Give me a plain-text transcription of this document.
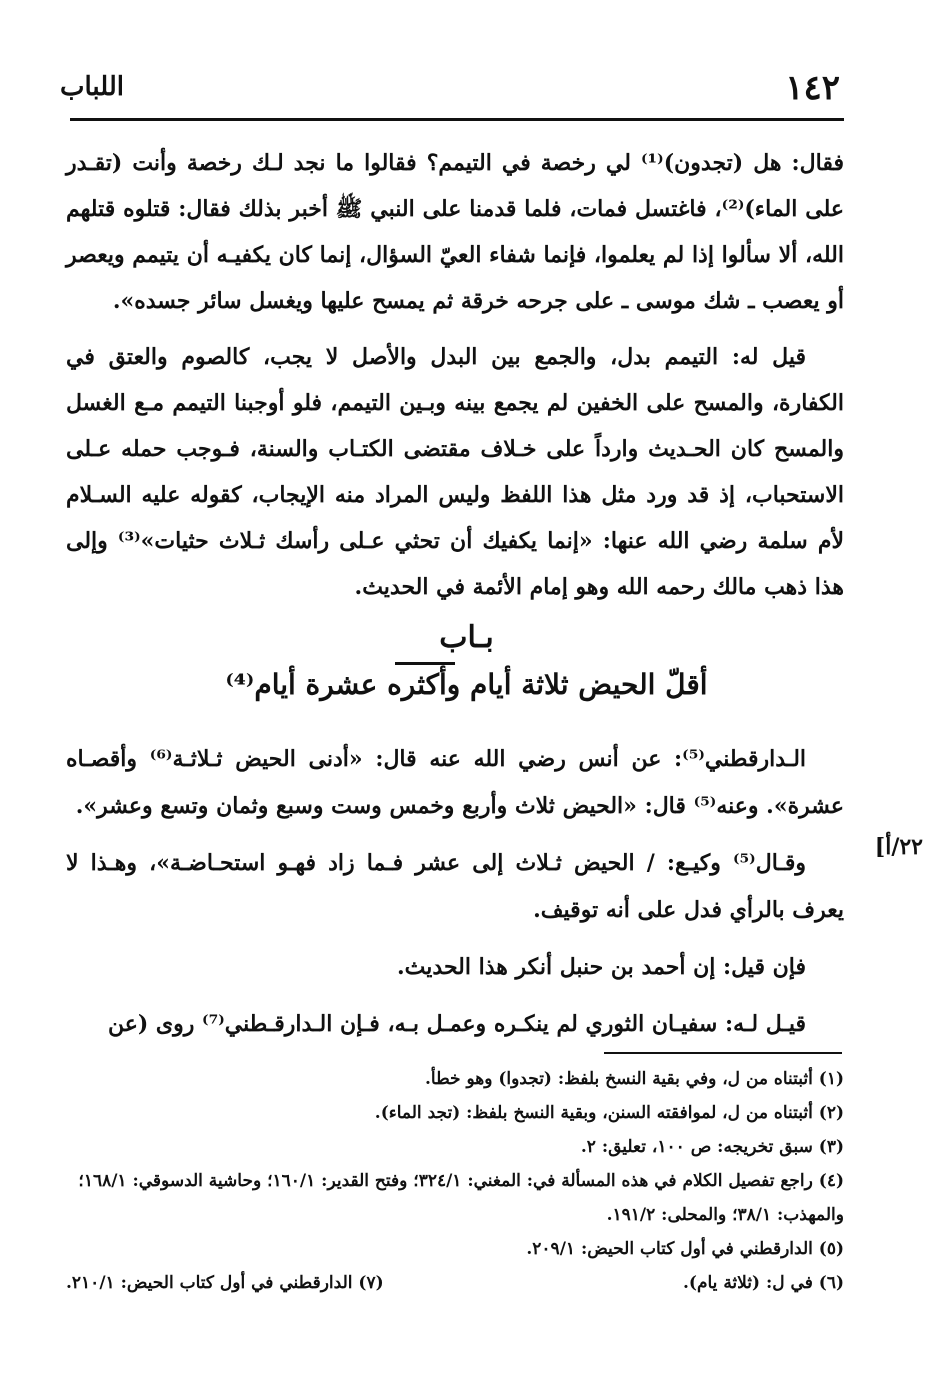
١٤٢
اللباب

فقال: هل (تجدون)⁽¹⁾ لي رخصة في التيمم؟ فقالوا ما نجد لـك رخصة وأنت (تقـدر على الماء)⁽²⁾، فاغتسل فمات، فلما قدمنا على النبي ﷺ أخبر بذلك فقال: قتلوه قتلهم الله، ألا سألوا إذا لم يعلموا، فإنما شفاء العيّ السؤال، إنما كان يكفيـه أن يتيمم ويعصر أو يعصب ـ شك موسى ـ على جرحه خرقة ثم يمسح عليها ويغسل سائر جسده».

قيل له: التيمم بدل، والجمع بين البدل والأصل لا يجب، كالصوم والعتق في الكفارة، والمسح على الخفين لم يجمع بينه وبـين التيمم، فلو أوجبنا التيمم مـع الغسل والمسح كان الحـديث وارداً على خـلاف مقتضى الكتـاب والسنة، فـوجب حمله عـلى الاستحباب، إذ قد ورد مثل هذا اللفظ وليس المراد منه الإيجاب، كقوله عليه السـلام لأم سلمة رضي الله عنها: «إنما يكفيك أن تحثي عـلى رأسك ثـلاث حثيات»⁽³⁾ وإلى هذا ذهب مالك رحمه الله وهو إمام الأئمة في الحديث.

بـاب
أقلّ الحيض ثلاثة أيام وأكثره عشرة أيام⁽⁴⁾

الـدارقطني⁽⁵⁾: عن أنس رضي الله عنه قال: «أدنى الحيض ثـلاثـة⁽⁶⁾ وأقصـاه عشرة». وعنه⁽⁵⁾ قال: «الحيض ثلاث وأربع وخمس وست وسبع وثمان وتسع وعشر».

وقـال⁽⁵⁾ وكيـع: / الحيض ثـلاث إلى عشر فـما زاد فهـو استحـاضـة»، وهـذا لا يعرف بالرأي فدل على أنه توقيف.

فإن قيل: إن أحمد بن حنبل أنكر هذا الحديث.

قيـل لـه: سفيـان الثوري لم ينكـره وعمـل بـه، فـإن الـدارقـطني⁽⁷⁾ روى (عن

٢٢/أ]

(١) أثبتناه من ل، وفي بقية النسخ بلفظ: (تجدوا) وهو خطأ.

(٢) أثبتناه من ل، لموافقته السنن، وبقية النسخ بلفظ: (تجد الماء).

(٣) سبق تخريجه: ص ١٠٠، تعليق: ٢.

(٤) راجع تفصيل الكلام في هذه المسألة في: المغني: ٣٢٤/١؛ وفتح القدير: ١٦٠/١؛ وحاشية الدسوقي: ١٦٨/١؛ والمهذب: ٣٨/١؛ والمحلى: ١٩١/٢.

(٥) الدارقطني في أول كتاب الحيض: ٢٠٩/١.

(٦) في ل: (ثلاثة يام).
(٧) الدارقطني في أول كتاب الحيض: ٢١٠/١.
